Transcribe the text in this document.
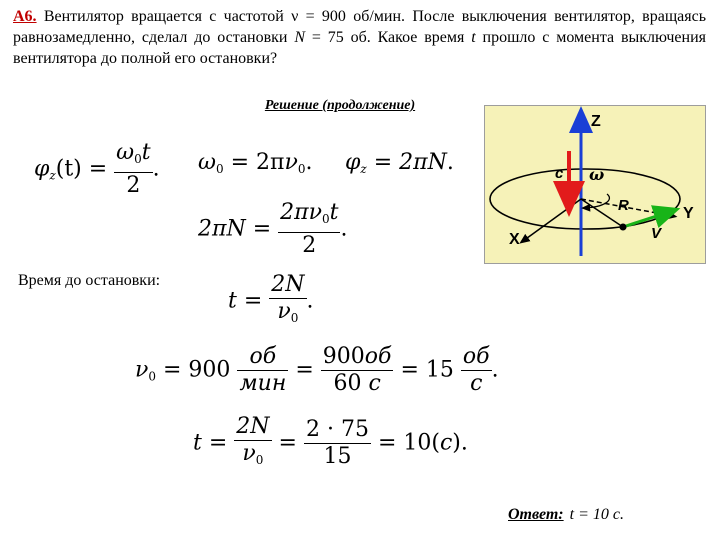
А6. Вентилятор вращается с частотой ν = 900 об/мин. После выключения вентилятор, вращаясь равнозамедленно, сделал до остановки N = 75 об. Какое время t прошло с момента выключения вентилятора до полной его остановки?
Решение (продолжение)
$\varphi z(t) = \frac{\omega_0t}{2}$ . $\omega_0 = 2\pi\nu_0$. φz = 2πN.
$2\pi N = \frac{2\pi\nu_0t}{2}$ .
Время до остановки:
$t = \frac{2N}{\nu_0}$ .
$\nu_0 = 900 \frac{об}{\text{мин}} = \frac{900об}{60 с} = 15 \frac{об}{с}$ .
$t = \frac{2N}{\nu_0} = \frac{2 \cdot 75}{15} = 10(с)$.
Z
X
Y
c ω
R
V
Ответ: t = 10 с.
